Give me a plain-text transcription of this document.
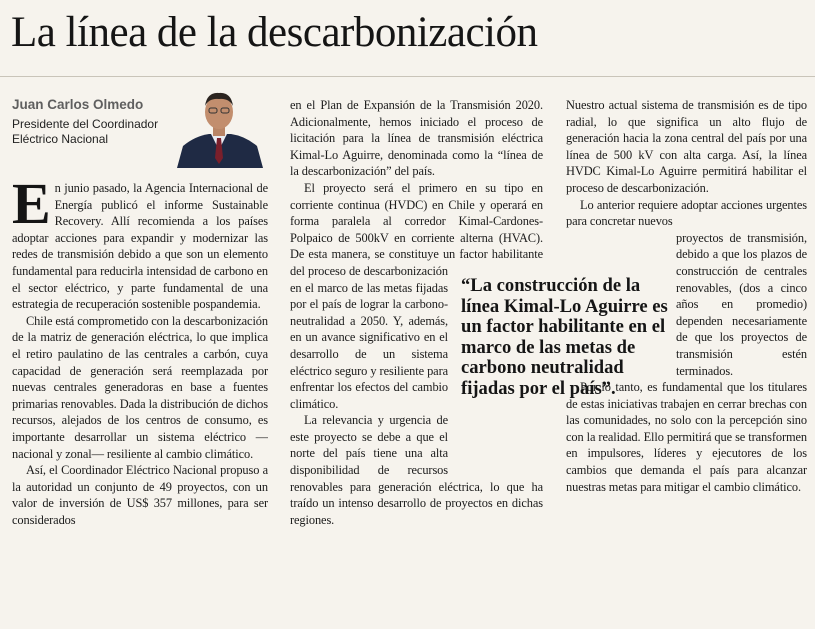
La línea de la descarbonización
Juan Carlos Olmedo
Presidente del Coordinador Eléctrico Nacional

En junio pasado, la Agencia Internacional de Energía publicó el informe Sustainable Recovery. Allí recomienda a los países adoptar acciones para expandir y modernizar las redes de transmisión debido a que son un elemento fundamental para reducirla intensidad de carbono en el sector eléctrico, y parte fundamental de una estrategia de recuperación sostenible pospandemia.

Chile está comprometido con la descarbonización de la matriz de generación eléctrica, lo que implica el retiro paulatino de las centrales a carbón, cuya capacidad de generación será reemplazada por nuevas centrales generadoras en base a fuentes primarias renovables. Dada la distribución de dichos recursos, alejados de los centros de consumo, es importante desarrollar un sistema eléctrico —nacional y zonal— resiliente al cambio climático.

Así, el Coordinador Eléctrico Nacional propuso a la autoridad un conjunto de 49 proyectos, con un valor de inversión de US$ 357 millones, para ser considerados

en el Plan de Expansión de la Transmisión 2020. Adicionalmente, hemos iniciado el proceso de licitación para la línea de transmisión eléctrica Kimal-Lo Aguirre, denominada como la “línea de la descarbonización” del país.

El proyecto será el primero en su tipo en corriente continua (HVDC) en Chile y operará en forma paralela al corredor Kimal-Cardones-Polpaico de 500kV en corriente alterna (HVAC). De esta manera, se constituye un factor habilitante del proceso de descarbonización en el marco de las metas fijadas por el país de lograr la carbono-neutralidad a 2050. Y, además, en un avance significativo en el desarrollo de un sistema eléctrico seguro y resiliente para enfrentar los efectos del cambio climático.

La relevancia y urgencia de este proyecto se debe a que el norte del país tiene una alta disponibilidad de recursos renovables para generación eléctrica, lo que ha traído un intenso desarrollo de proyectos en dichas regiones.

Nuestro actual sistema de transmisión es de tipo radial, lo que significa un alto flujo de generación hacia la zona central del país por una línea de 500 kV con alta carga. Así, la línea HVDC Kimal-Lo Aguirre permitirá habilitar el proceso de descarbonización.

Lo anterior requiere adoptar acciones urgentes para concretar nuevos

proyectos de transmisión, debido a que los plazos de construcción de centrales renovables, (dos a cinco años en promedio) dependen necesariamente de que los proyectos de transmisión estén terminados.

Por lo tanto, es fundamental que los titulares de estas iniciativas trabajen en cerrar brechas con las comunidades, no solo con la percepción sino con la realidad. Ello permitirá que se transformen en impulsores, líderes y ejecutores de los cambios que demanda el país para alcanzar nuestras metas para mitigar el cambio climático.

“La construcción de la línea Kimal-Lo Aguirre es un factor habilitante en el marco de las metas de carbono neutralidad fijadas por el país”.
